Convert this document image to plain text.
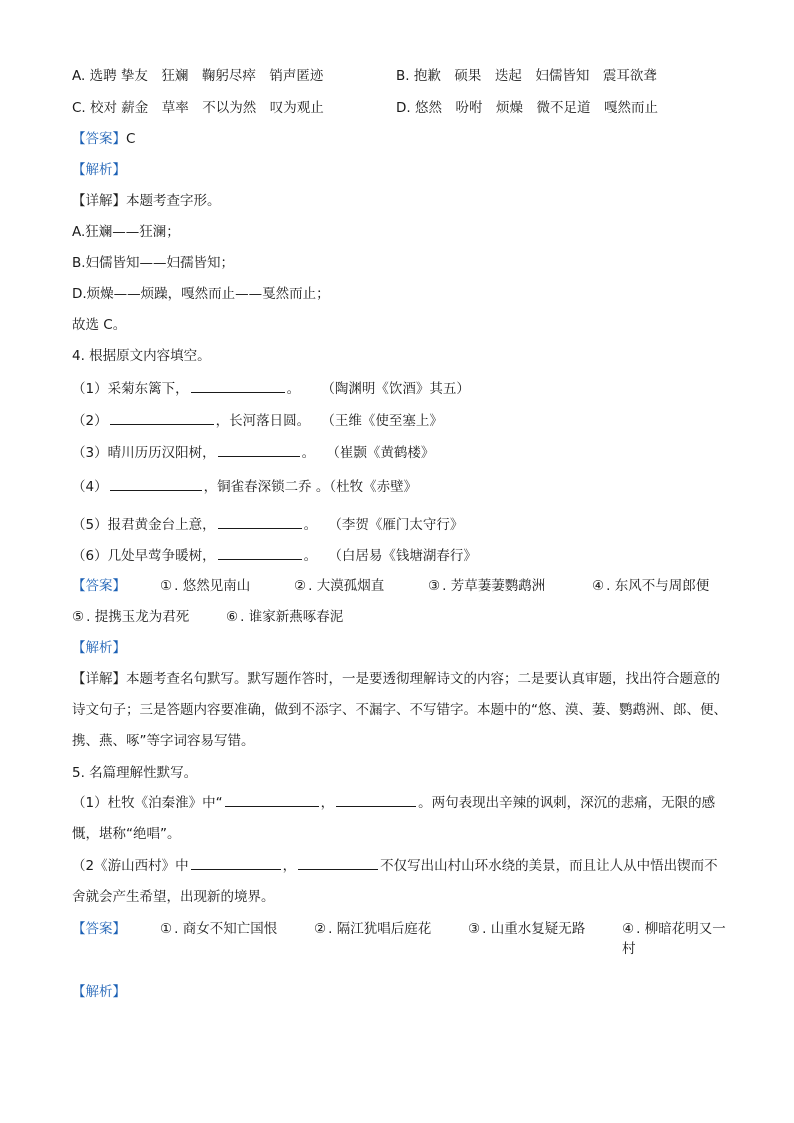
A. 选聘 挚友　狂斓　鞠躬尽瘁　销声匿迹	B. 抱歉　硕果　迭起　妇儒皆知　震耳欲聋
C. 校对 薪金　草率　不以为然　叹为观止	D. 悠然　吩咐　烦燥　微不足道　嘎然而止
【答案】C
【解析】
【详解】本题考查字形。
A.狂斓——狂澜；
B.妇儒皆知——妇孺皆知；
D.烦燥——烦躁，嘎然而止——戛然而止；
故选 C。
4. 根据原文内容填空。
（1）采菊东篱下，	。 （陶渊明《饮酒》其五）
（2）	，长河落日圆。 （王维《使至塞上》
（3）晴川历历汉阳树，	。 （崔颢《黄鹤楼》
（4）	，铜雀春深锁二乔 。（杜牧《赤壁》
（5）报君黄金台上意，	。 （李贺《雁门太守行》
（6）几处早莺争暖树，	。 （白居易《钱塘湖春行》
【答案】	① . 悠然见南山	② . 大漠孤烟直	③ . 芳草萋萋鹦鹉洲	④ . 东风不与周郎便
⑤ . 提携玉龙为君死	⑥ . 谁家新燕啄春泥
【解析】
【详解】本题考查名句默写。默写题作答时，一是要透彻理解诗文的内容；二是要认真审题，找出符合题意的诗文句子；三是答题内容要准确，做到不添字、不漏字、不写错字。本题中的“悠、漠、萋、鹦鹉洲、郎、便、携、燕、啄”等字词容易写错。
5. 名篇理解性默写。
（1）杜牧《泊秦淮》中“	，	。两句表现出辛辣的讽刺，深沉的悲痛，无限的感慨，堪称“绝唱”。
（2《游山西村》中	，	不仅写出山村山环水绕的美景，而且让人从中悟出锲而不舍就会产生希望，出现新的境界。
【答案】	① . 商女不知亡国恨	② . 隔江犹唱后庭花	③ . 山重水复疑无路	④ . 柳暗花明又一村
【解析】
